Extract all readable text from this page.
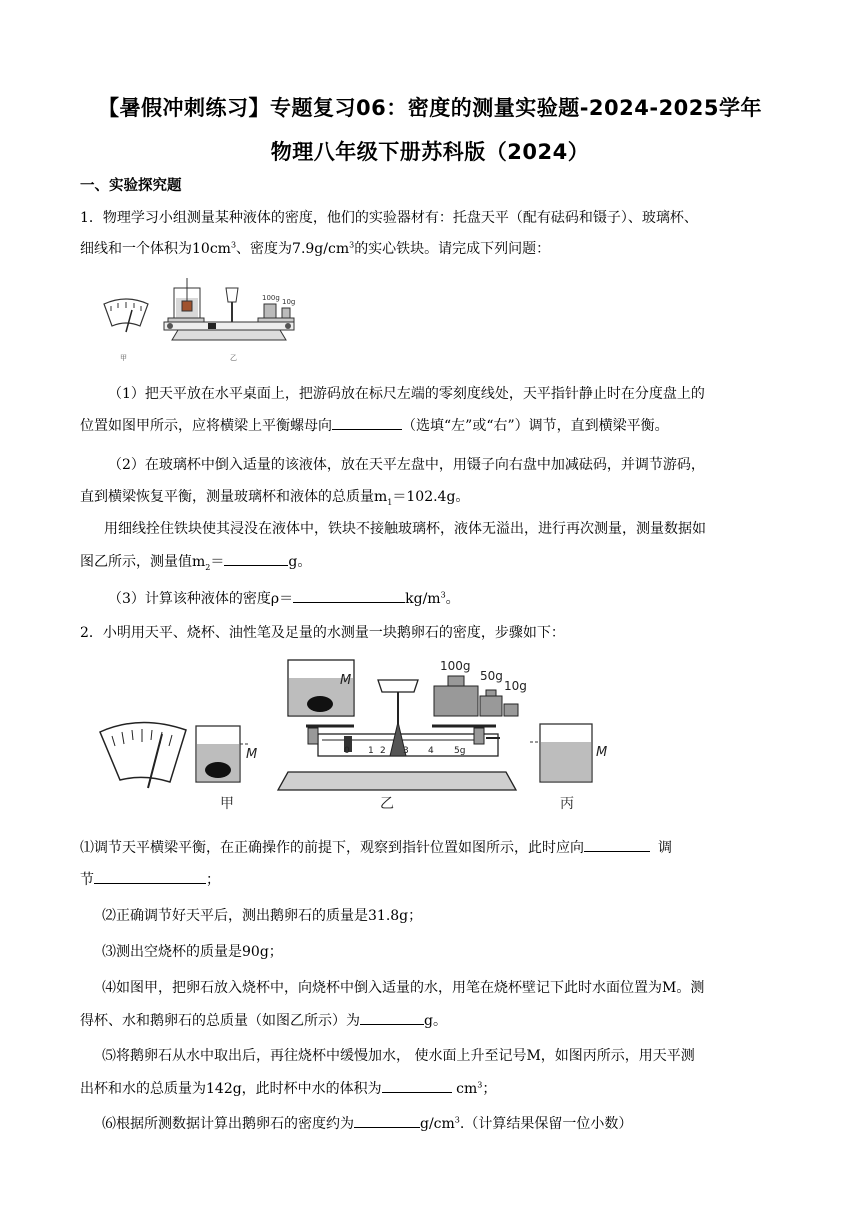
【暑假冲刺练习】专题复习06：密度的测量实验题-2024-2025学年
物理八年级下册苏科版（2024）
一、实验探究题
1．物理学习小组测量某种液体的密度，他们的实验器材有：托盘天平（配有砝码和镊子）、玻璃杯、
细线和一个体积为$10cm^3$、密度为$7.9g/cm^3$的实心铁块。请完成下列问题：
甲
100g 10g
乙
（1）把天平放在水平桌面上，把游码放在标尺左端的零刻度线处，天平指针静止时在分度盘上的
位置如图甲所示，应将横梁上平衡螺母向	（选填“左”或“右”）调节，直到横梁平衡。
（2）在玻璃杯中倒入适量的该液体，放在天平左盘中，用镊子向右盘中加减砝码，并调节游码，
直到横梁恢复平衡，测量玻璃杯和液体的总质量$m_1=102.4g$。
用细线拴住铁块使其浸没在液体中，铁块不接触玻璃杯，液体无溢出，进行再次测量，测量数据如
图乙所示，测量值$m_2=$	g。
（3）计算该种液体的密度ρ＝	$kg/m^3$。
2．小明用天平、烧杯、油性笔及足量的水测量一块鹅卵石的密度，步骤如下：
M
甲
M
100g
50g
10g
0 1 2 3 4 5g
乙
M
丙
⑴调节天平横梁平衡，在正确操作的前提下，观察到指针位置如图所示，此时应向	调
节	；
⑵正确调节好天平后，测出鹅卵石的质量是31.8g；
⑶测出空烧杯的质量是90g；
⑷如图甲，把卵石放入烧杯中，向烧杯中倒入适量的水，用笔在烧杯壁记下此时水面位置为M。测
得杯、水和鹅卵石的总质量（如图乙所示）为	g。
⑸将鹅卵石从水中取出后，再往烧杯中缓慢加水， 使水面上升至记号M，如图丙所示，用天平测
出杯和水的总质量为142g，此时杯中水的体积为	$cm^3$；
⑹根据所测数据计算出鹅卵石的密度约为	$g/cm^3$.（计算结果保留一位小数）
